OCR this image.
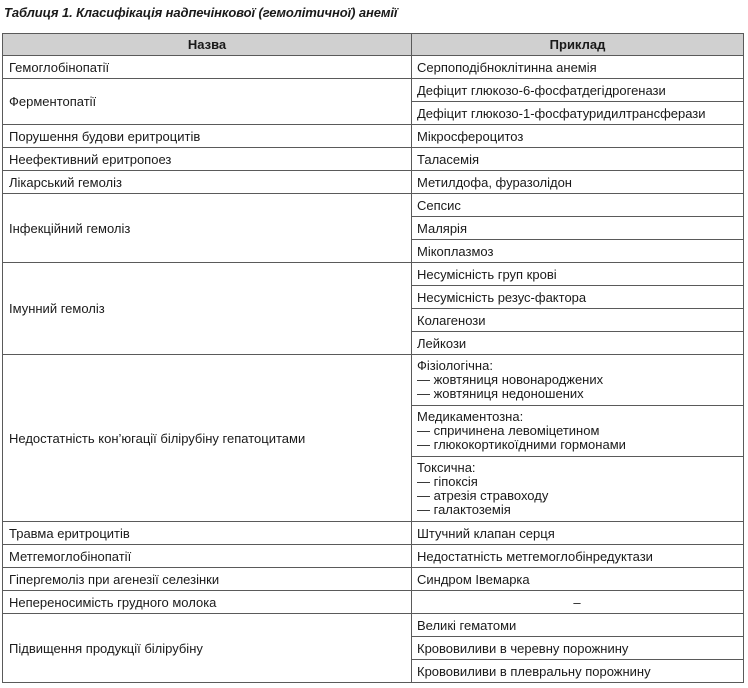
Таблиця 1. Класифікація надпечінкової (гемолітичної) анемії
Назва	Приклад
Гемоглобінопатії	Серпоподібноклітинна анемія
Ферментопатії	Дефіцит глюкозо-6-фосфатдегідрогенази
	Дефіцит глюкозо-1-фосфатуридилтрансферази
Порушення будови еритроцитів	Мікросфероцитоз
Неефективний еритропоез	Таласемія
Лікарський гемоліз	Метилдофа, фуразолідон
Інфекційний гемоліз	Сепсис
	Малярія
	Мікоплазмоз
Імунний гемоліз	Несумісність груп крові
	Несумісність резус-фактора
	Колагенози
	Лейкози
Недостатність кон’югації білірубіну гепатоцитами	Фізіологічна:
— жовтяниця новонароджених
— жовтяниця недоношених

	Медикаментозна:
— спричинена левоміцетином
— глюкокортикоїдними гормонами

	Токсична:
— гіпоксія
— атрезія стравоходу
— галактоземія

Травма еритроцитів	Штучний клапан серця
Метгемоглобінопатії	Недостатність метгемоглобінредуктази
Гіпергемоліз при агенезії селезінки	Синдром Івемарка
Непереносимість грудного молока	–
Підвищення продукції білірубіну	Великі гематоми
	Крововиливи в черевну порожнину
	Крововиливи в плевральну порожнину
